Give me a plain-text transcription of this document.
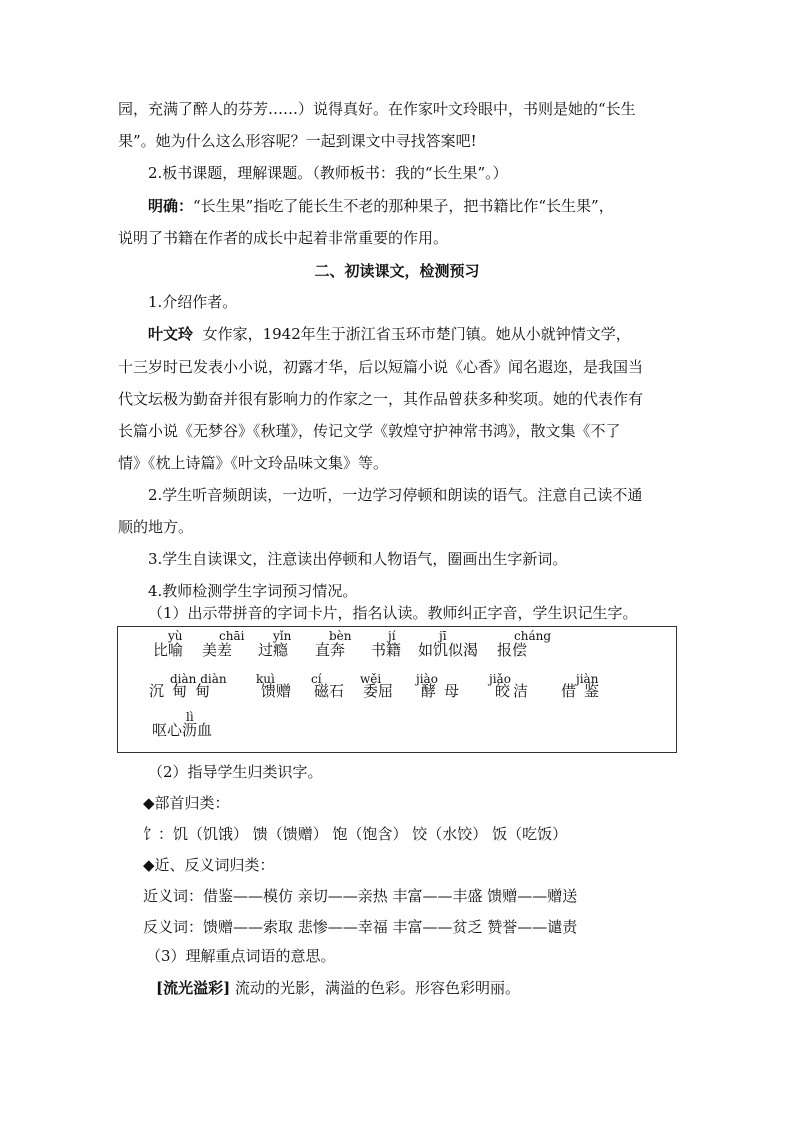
园，充满了醉人的芬芳……）说得真好。在作家叶文玲眼中，书则是她的“长生
果”。她为什么这么形容呢？一起到课文中寻找答案吧!
2.板书课题，理解课题。（教师板书：我的“长生果”。）
明确：“长生果”指吃了能长生不老的那种果子，把书籍比作“长生果”，
说明了书籍在作者的成长中起着非常重要的作用。
二、初读课文，检测预习
1.介绍作者。
叶文玲 女作家，1942年生于浙江省玉环市楚门镇。她从小就钟情文学，
十三岁时已发表小小说，初露才华，后以短篇小说《心香》闻名遐迩，是我国当
代文坛极为勤奋并很有影响力的作家之一，其作品曾获多种奖项。她的代表作有
长篇小说《无梦谷》《秋瑾》，传记文学《敦煌守护神常书鸿》，散文集《不了
情》《枕上诗篇》《叶文玲品味文集》等。
2.学生听音频朗读，一边听，一边学习停顿和朗读的语气。注意自己读不通
顺的地方。
3.学生自读课文，注意读出停顿和人物语气，圈画出生字新词。
4.教师检测学生字词预习情况。
（1）出示带拼音的字词卡片，指名认读。教师纠正字音，学生识记生字。
yù
比喻
chāi
美差
yǐn
过瘾
bèn
直奔
jí
书籍
jī
如饥似渴
cháng
报偿
diàn diàn
沉甸甸
kuì
馈赠
cí
磁石
wěi
委屈
jiào
酵母
jiǎo
皎洁
jiàn
借鉴
lì
呕心沥血
（2）指导学生归类识字。
◆部首归类：
饣：饥（饥饿） 馈（馈赠） 饱（饱含） 饺（水饺） 饭（吃饭）
◆近、反义词归类：
近义词：借鉴——模仿 亲切——亲热 丰富——丰盛 馈赠——赠送
反义词：馈赠——索取 悲惨——幸福 丰富——贫乏 赞誉——谴责
（3）理解重点词语的意思。
[流光溢彩] 流动的光影，满溢的色彩。形容色彩明丽。
